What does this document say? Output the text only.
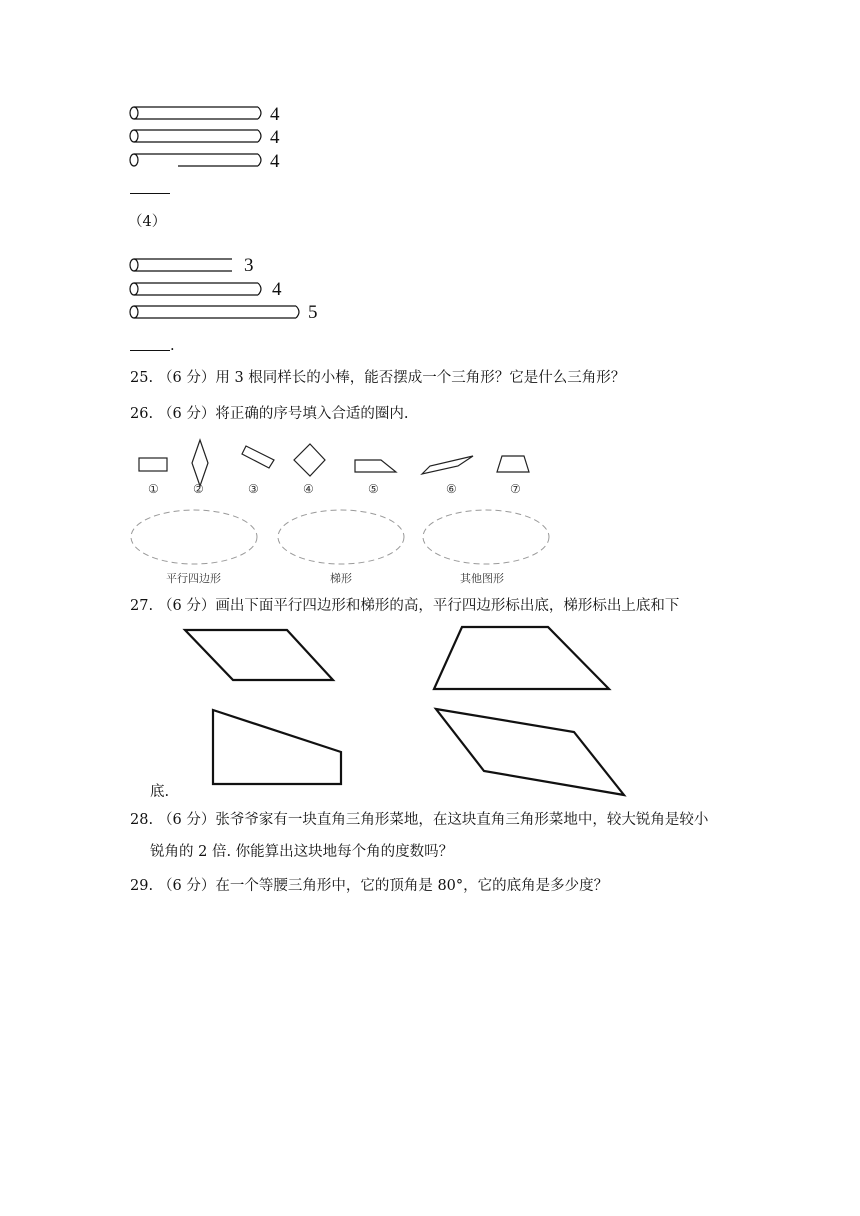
4
4
4
（4）
3
4
5
.
25. （6 分）用 3 根同样长的小棒，能否摆成一个三角形？它是什么三角形？
26. （6 分）将正确的序号填入合适的圈内.
①	②	③	④	⑤	⑥	⑦
平行四边形	梯形	其他图形
27. （6 分）画出下面平行四边形和梯形的高，平行四边形标出底，梯形标出上底和下
底.
28. （6 分）张爷爷家有一块直角三角形菜地，在这块直角三角形菜地中，较大锐角是较小
锐角的 2 倍. 你能算出这块地每个角的度数吗？
29. （6 分）在一个等腰三角形中，它的顶角是 80°，它的底角是多少度？
